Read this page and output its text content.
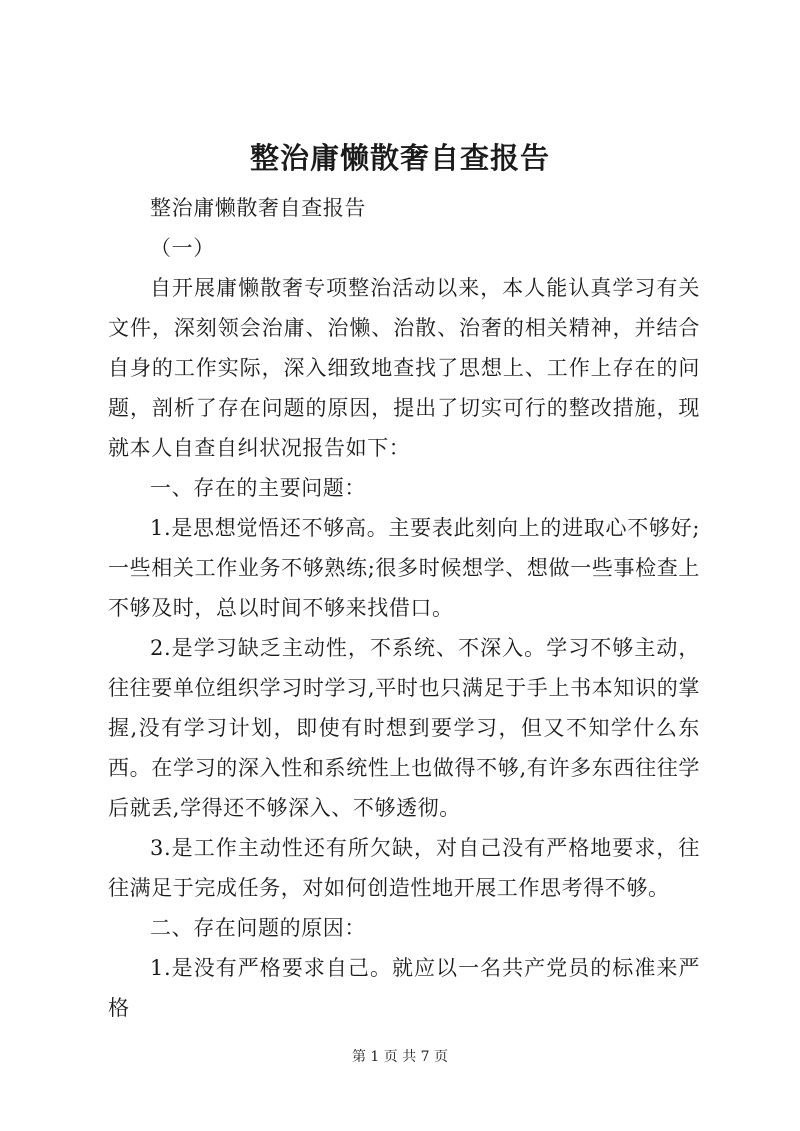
整治庸懒散奢自查报告

整治庸懒散奢自查报告

（一）

自开展庸懒散奢专项整治活动以来，本人能认真学习有关文件，深刻领会治庸、治懒、治散、治奢的相关精神，并结合自身的工作实际，深入细致地查找了思想上、工作上存在的问题，剖析了存在问题的原因，提出了切实可行的整改措施，现就本人自查自纠状况报告如下：

一、存在的主要问题：

1.是思想觉悟还不够高。主要表此刻向上的进取心不够好;一些相关工作业务不够熟练;很多时候想学、想做一些事检查上不够及时，总以时间不够来找借口。

2.是学习缺乏主动性，不系统、不深入。学习不够主动，往往要单位组织学习时学习,平时也只满足于手上书本知识的掌握,没有学习计划，即使有时想到要学习，但又不知学什么东西。在学习的深入性和系统性上也做得不够,有许多东西往往学后就丢,学得还不够深入、不够透彻。

3.是工作主动性还有所欠缺，对自己没有严格地要求，往往满足于完成任务，对如何创造性地开展工作思考得不够。

二、存在问题的原因：

1.是没有严格要求自己。就应以一名共产党员的标准来严格

第 1 页 共 7 页
